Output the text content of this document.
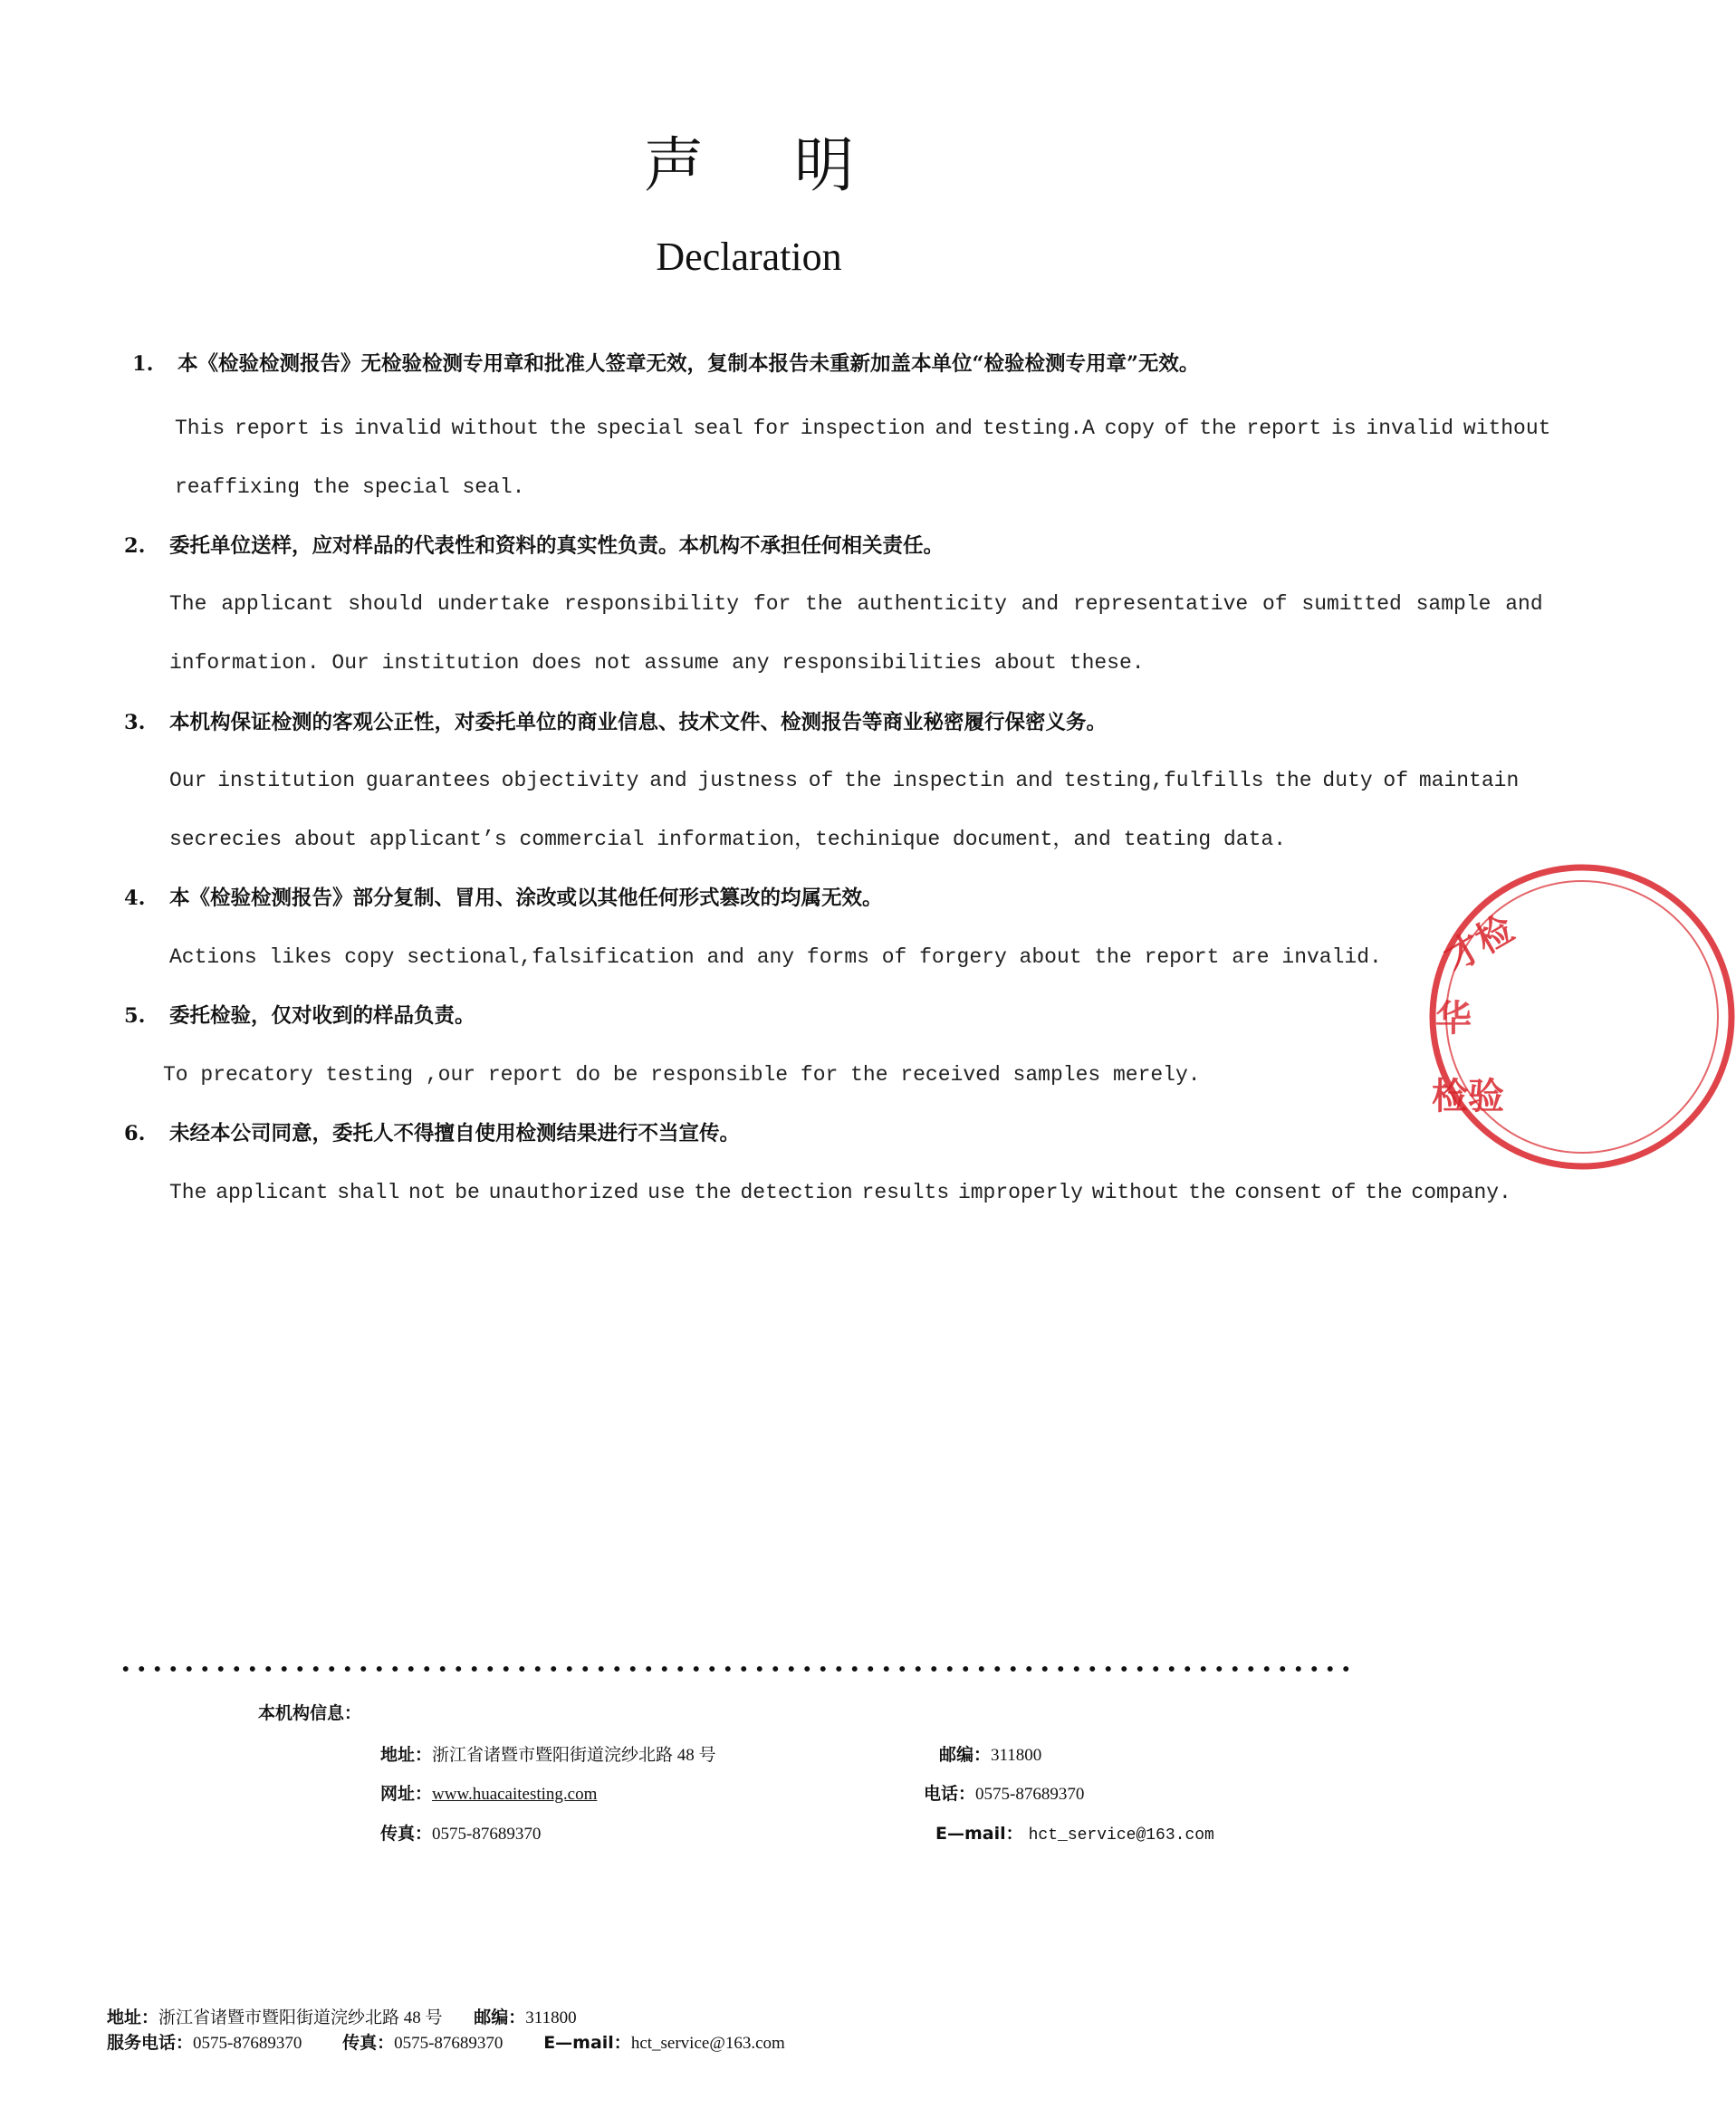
声明
Declaration
1. 本《检验检测报告》无检验检测专用章和批准人签章无效，复制本报告未重新加盖本单位“检验检测专用章”无效。
This report is invalid without the special seal for inspection and testing.A copy of the report is invalid without
reaffixing the special seal.
2. 委托单位送样，应对样品的代表性和资料的真实性负责。本机构不承担任何相关责任。
The applicant should undertake responsibility for the authenticity and representative of sumitted sample and
information. Our institution does not assume any responsibilities about these.
3. 本机构保证检测的客观公正性，对委托单位的商业信息、技术文件、检测报告等商业秘密履行保密义务。
Our institution guarantees objectivity and justness of the inspectin and testing,fulfills the duty of maintain
secrecies about applicant’s commercial information，techinique document，and teating data.
4. 本《检验检测报告》部分复制、冒用、涂改或以其他任何形式篡改的均属无效。
Actions likes copy sectional,falsification and any forms of forgery about the report are invalid.
5. 委托检验，仅对收到的样品负责。
To precatory testing ,our report do be responsible for the received samples merely.
6. 未经本公司同意，委托人不得擅自使用检测结果进行不当宣传。
The applicant shall not be unauthorized use the detection results improperly without the consent of the company.
本机构信息：
地址：浙江省诸暨市暨阳街道浣纱北路 48 号	邮编：311800
网址：www.huacaitesting.com	电话：0575-87689370
传真：0575-87689370	E—mail： hct_service@163.com
地址：浙江省诸暨市暨阳街道浣纱北路 48 号 邮编：311800
服务电话：0575-87689370 传真：0575-87689370 E—mail：hct_service@163.com
才检
华
检验
